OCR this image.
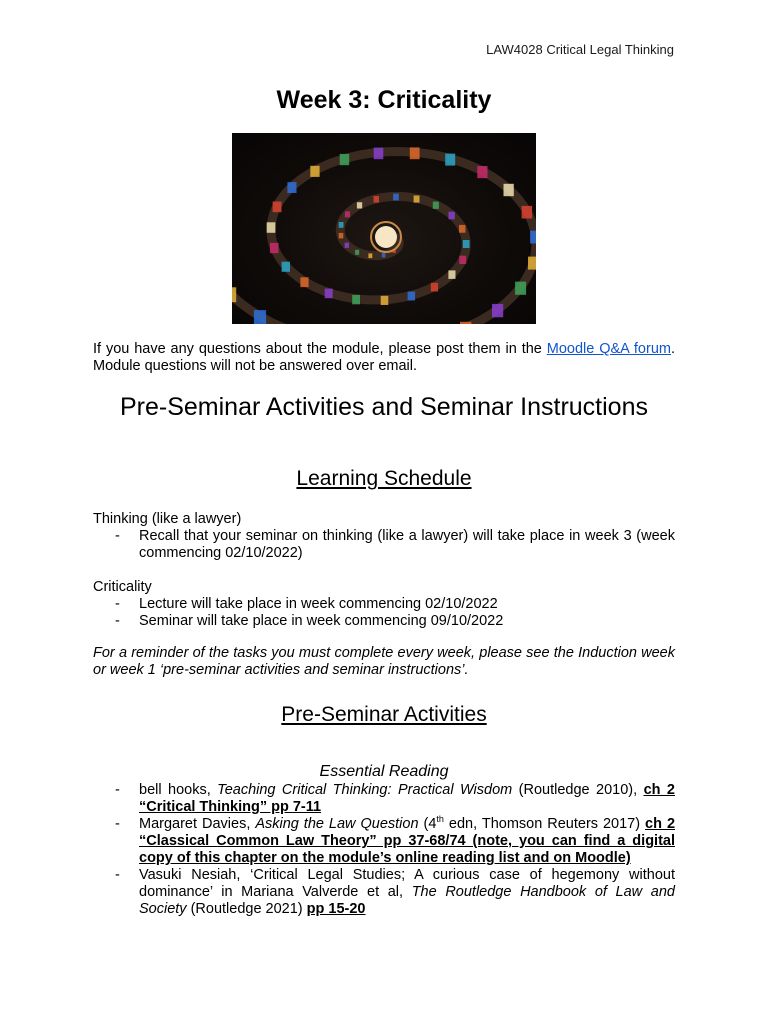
LAW4028 Critical Legal Thinking
Week 3: Criticality

If you have any questions about the module, please post them in the Moodle Q&A forum. Module questions will not be answered over email.

Pre-Seminar Activities and Seminar Instructions
Learning Schedule

Thinking (like a lawyer)

- Recall that your seminar on thinking (like a lawyer) will take place in week 3 (week commencing 02/10/2022)

Criticality

- Lecture will take place in week commencing 02/10/2022
- Seminar will take place in week commencing 09/10/2022

For a reminder of the tasks you must complete every week, please see the Induction week or week 1 ‘pre-seminar activities and seminar instructions’.

Pre-Seminar Activities
Essential Reading
- bell hooks, Teaching Critical Thinking: Practical Wisdom (Routledge 2010), ch 2 “Critical Thinking” pp 7-11
- Margaret Davies, Asking the Law Question (4th edn, Thomson Reuters 2017) ch 2 “Classical Common Law Theory” pp 37-68/74 (note, you can find a digital copy of this chapter on the module’s online reading list and on Moodle)
- Vasuki Nesiah, ‘Critical Legal Studies; A curious case of hegemony without dominance’ in Mariana Valverde et al, The Routledge Handbook of Law and Society (Routledge 2021) pp 15-20
